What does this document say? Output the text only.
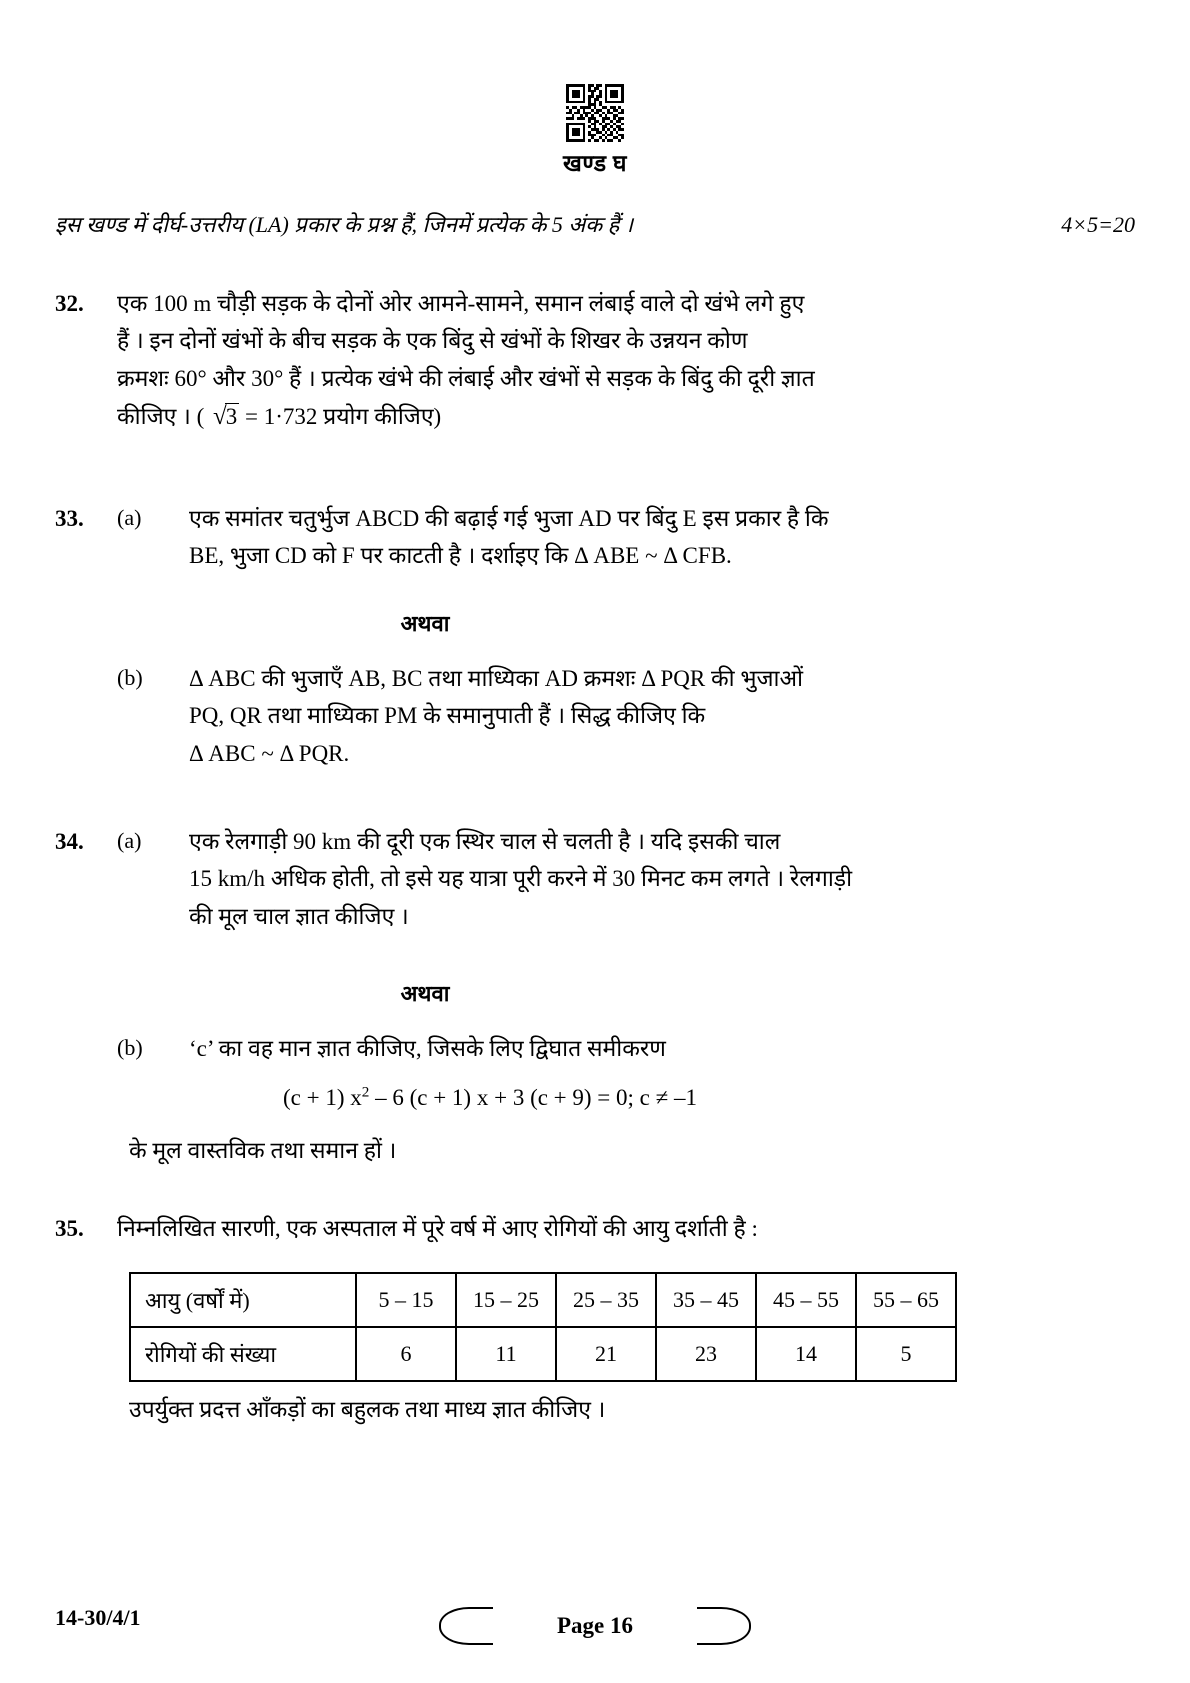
खण्ड घ
इस खण्ड में दीर्घ-उत्तरीय (LA) प्रकार के प्रश्न हैं, जिनमें प्रत्येक के 5 अंक हैं ।	4×5=20
32.	एक 100 m चौड़ी सड़क के दोनों ओर आमने-सामने, समान लंबाई वाले दो खंभे लगे हुए
हैं । इन दोनों खंभों के बीच सड़क के एक बिंदु से खंभों के शिखर के उन्नयन कोण
क्रमशः 60° और 30° हैं । प्रत्येक खंभे की लंबाई और खंभों से सड़क के बिंदु की दूरी ज्ञात
कीजिए । ( √3 = 1·732 प्रयोग कीजिए)
33.	(a)	एक समांतर चतुर्भुज ABCD की बढ़ाई गई भुजा AD पर बिंदु E इस प्रकार है कि
BE, भुजा CD को F पर काटती है । दर्शाइए कि Δ ABE ~ Δ CFB.
अथवा
(b)	Δ ABC की भुजाएँ AB, BC तथा माध्यिका AD क्रमशः Δ PQR की भुजाओं
PQ, QR तथा माध्यिका PM के समानुपाती हैं । सिद्ध कीजिए कि
Δ ABC ~ Δ PQR.
34.	(a)	एक रेलगाड़ी 90 km की दूरी एक स्थिर चाल से चलती है । यदि इसकी चाल
15 km/h अधिक होती, तो इसे यह यात्रा पूरी करने में 30 मिनट कम लगते । रेलगाड़ी
की मूल चाल ज्ञात कीजिए ।
अथवा
(b)	‘c’ का वह मान ज्ञात कीजिए, जिसके लिए द्विघात समीकरण
(c + 1) $x^2 - 6$ (c + 1) x + 3 (c + 9) = 0; c ≠ –1
के मूल वास्तविक तथा समान हों ।
35.	निम्नलिखित सारणी, एक अस्पताल में पूरे वर्ष में आए रोगियों की आयु दर्शाती है :
आयु (वर्षों में)	5 – 15	15 – 25	25 – 35	35 – 45	45 – 55	55 – 65
रोगियों की संख्या	6	11	21	23	14	5
उपर्युक्त प्रदत्त आँकड़ों का बहुलक तथा माध्य ज्ञात कीजिए ।
14-30/4/1	Page 16
